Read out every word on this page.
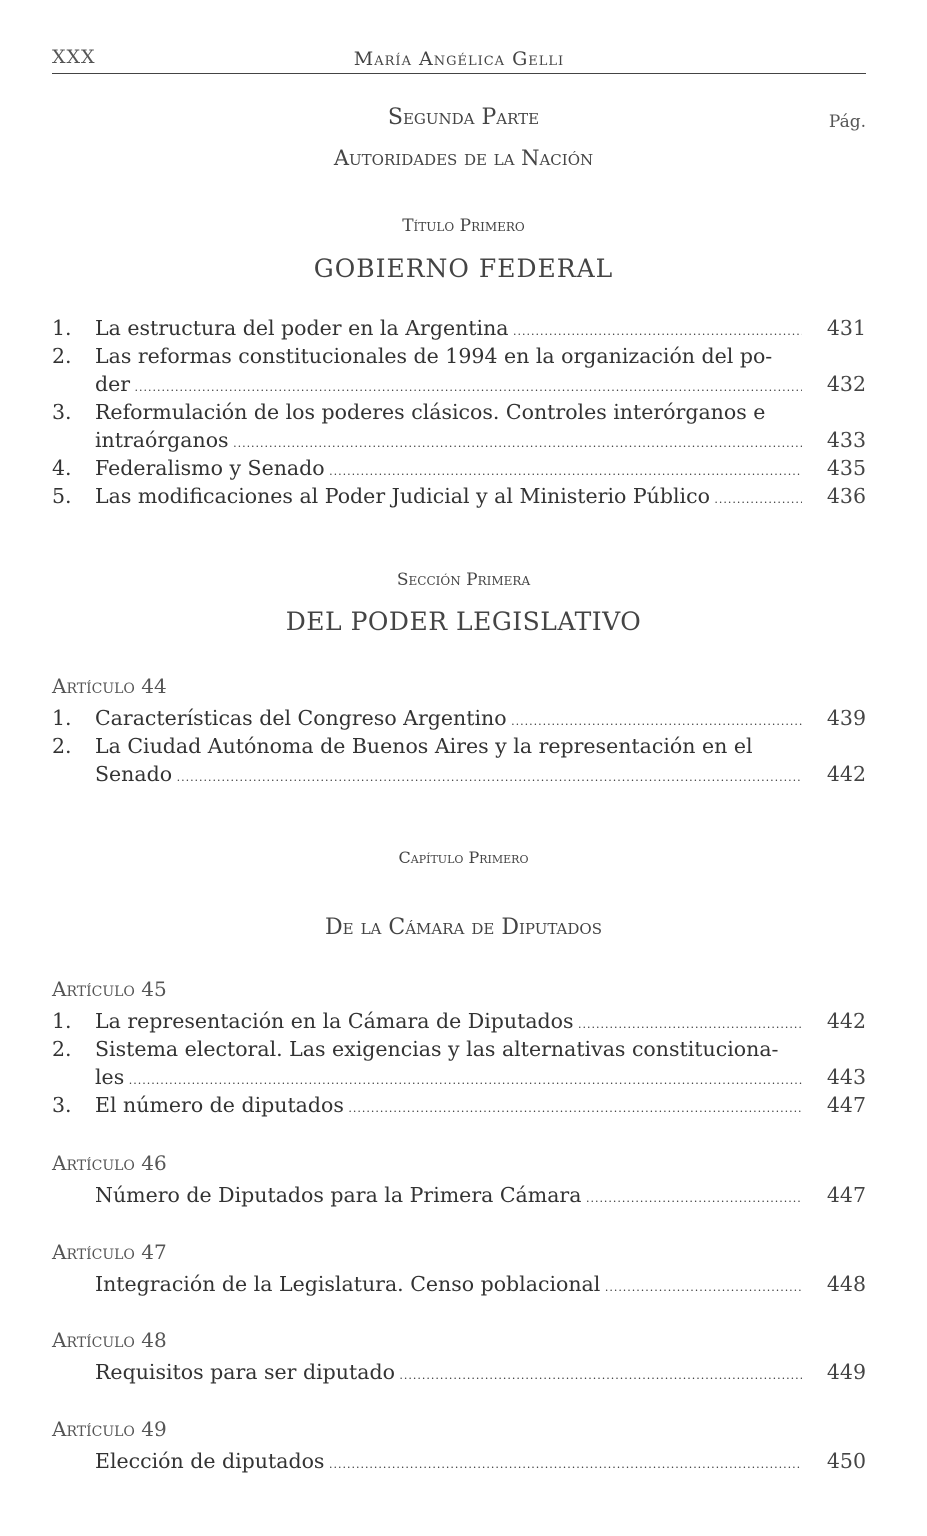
XXX	María Angélica Gelli
Pág.
Segunda Parte
Autoridades de la Nación
Título Primero
GOBIERNO FEDERAL
1. La estructura del poder en la Argentina .....	431
2. Las reformas constitucionales de 1994 en la organización del po-
der .....	432
3. Reformulación de los poderes clásicos. Controles interórganos e
intraórganos .....	433
4. Federalismo y Senado .....	435
5. Las modificaciones al Poder Judicial y al Ministerio Público .....	436
Sección Primera
DEL PODER LEGISLATIVO
Artículo 44
1. Características del Congreso Argentino .....	439
2. La Ciudad Autónoma de Buenos Aires y la representación en el
Senado .....	442
Capítulo Primero
De la Cámara de Diputados
Artículo 45
1. La representación en la Cámara de Diputados .....	442
2. Sistema electoral. Las exigencias y las alternativas constituciona-
les .....	443
3. El número de diputados .....	447
Artículo 46
Número de Diputados para la Primera Cámara .....	447
Artículo 47
Integración de la Legislatura. Censo poblacional .....	448
Artículo 48
Requisitos para ser diputado .....	449
Artículo 49
Elección de diputados .....	450
